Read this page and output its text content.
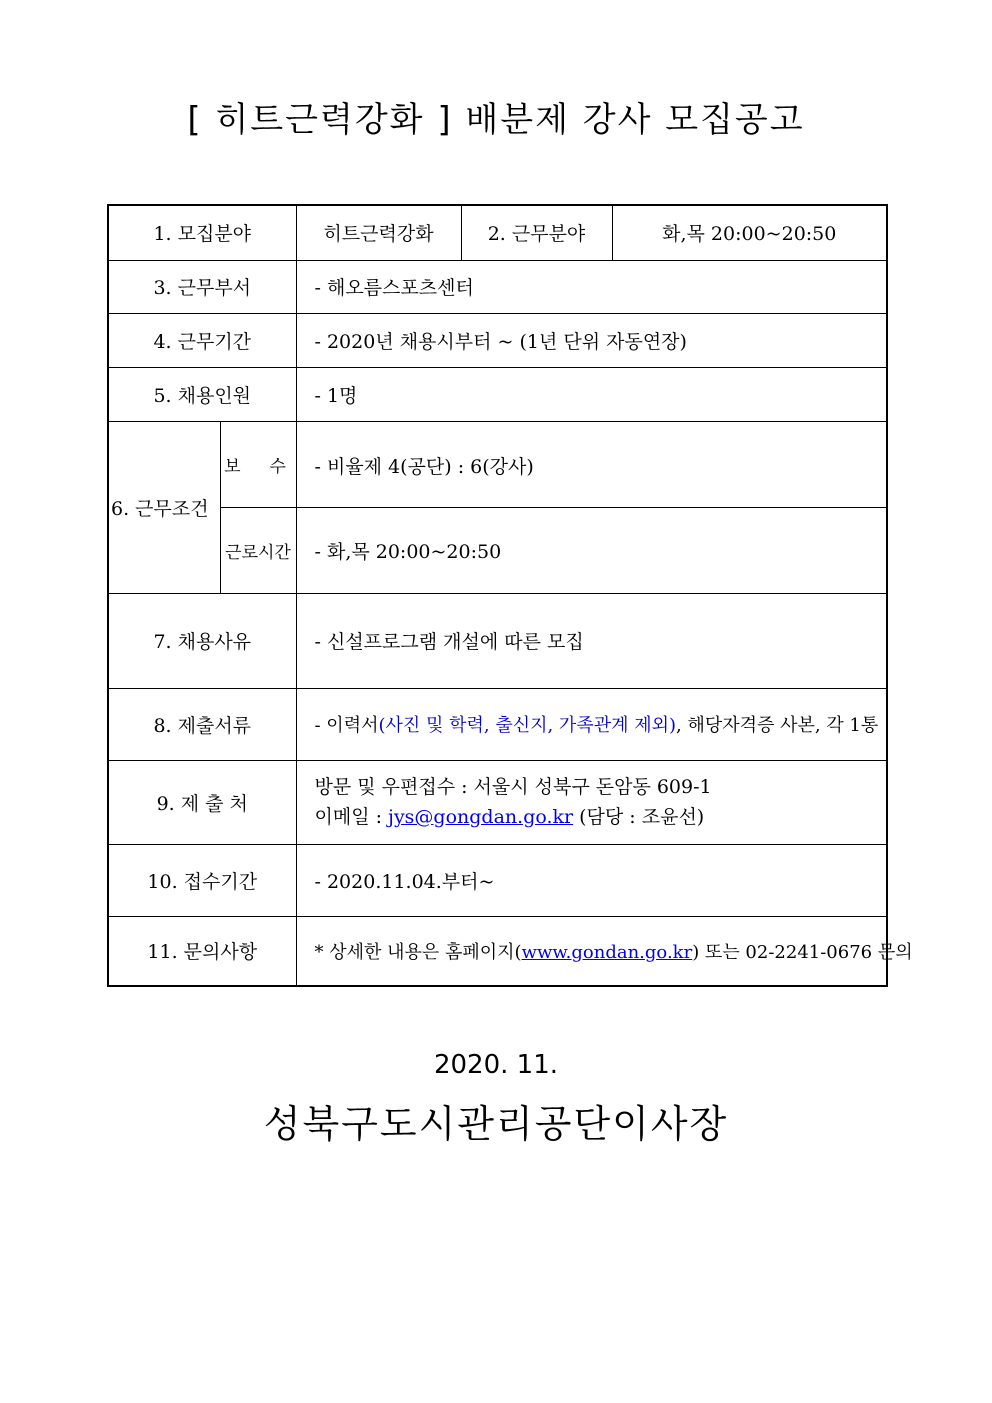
[ 히트근력강화 ] 배분제 강사 모집공고
1. 모집분야		히트근력강화	2. 근무분야	화,목 20:00~20:50
3. 근무부서		- 해오름스포츠센터		
4. 근무기간		- 2020년 채용시부터 ~ (1년 단위 자동연장)		
5. 채용인원		- 1명		
6. 근무조건	보　수	- 비율제 4(공단) : 6(강사)		
	근로시간	- 화,목 20:00~20:50		
7. 채용사유		- 신설프로그램 개설에 따른 모집		
8. 제출서류		- 이력서(사진 및 학력, 출신지, 가족관계 제외), 해당자격증 사본, 각 1통		
9. 제 출 처		방문 및 우편접수 : 서울시 성북구 돈암동 609-1
이메일 : jys@gongdan.go.kr (담당 : 조윤선)		

10. 접수기간		- 2020.11.04.부터~		
11. 문의사항		* 상세한 내용은 홈페이지(www.gondan.go.kr) 또는 02-2241-0676 문의		
2020. 11.
성북구도시관리공단이사장
